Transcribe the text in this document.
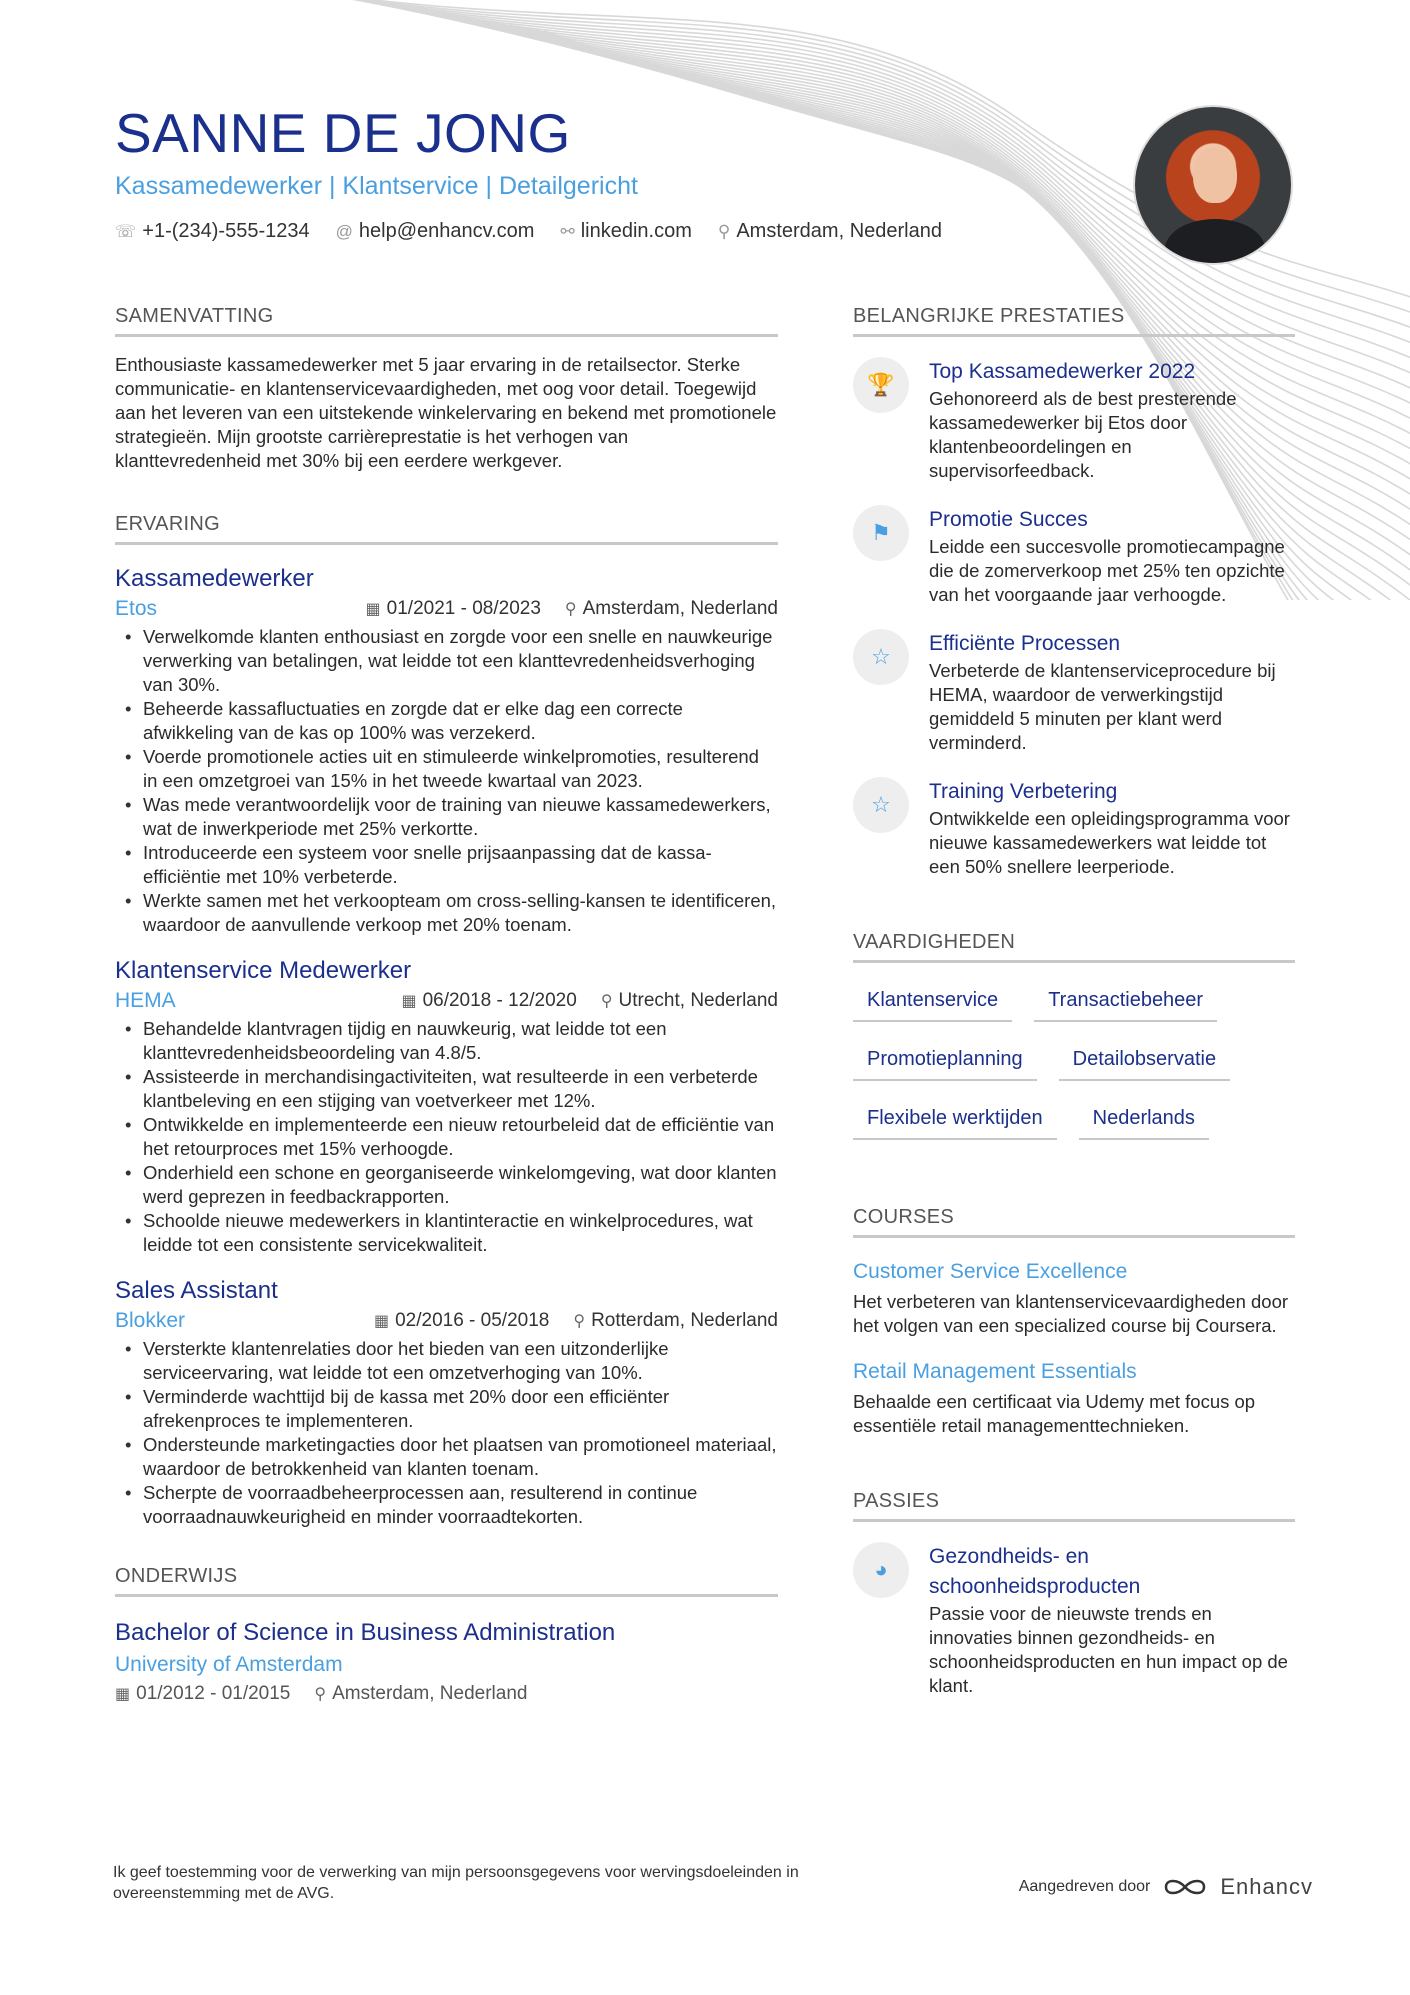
SANNE DE JONG
Kassamedewerker | Klantservice | Detailgericht
☏ +1-(234)-555-1234 @ help@enhancv.com ⚯ linkedin.com ⚲ Amsterdam, Nederland
SAMENVATTING

Enthousiaste kassamedewerker met 5 jaar ervaring in de retailsector. Sterke communicatie- en klantenservicevaardigheden, met oog voor detail. Toegewijd aan het leveren van een uitstekende winkelervaring en bekend met promotionele strategieën. Mijn grootste carrièreprestatie is het verhogen van klanttevredenheid met 30% bij een eerdere werkgever.

ERVARING
Kassamedewerker
Etos	▦ 01/2021 - 08/2023 ⚲ Amsterdam, Nederland
• Verwelkomde klanten enthousiast en zorgde voor een snelle en nauwkeurige verwerking van betalingen, wat leidde tot een klanttevredenheidsverhoging van 30%.
• Beheerde kassafluctuaties en zorgde dat er elke dag een correcte afwikkeling van de kas op 100% was verzekerd.
• Voerde promotionele acties uit en stimuleerde winkelpromoties, resulterend in een omzetgroei van 15% in het tweede kwartaal van 2023.
• Was mede verantwoordelijk voor de training van nieuwe kassamedewerkers, wat de inwerkperiode met 25% verkortte.
• Introduceerde een systeem voor snelle prijsaanpassing dat de kassa-efficiëntie met 10% verbeterde.
• Werkte samen met het verkoopteam om cross-selling-kansen te identificeren, waardoor de aanvullende verkoop met 20% toenam.
Klantenservice Medewerker
HEMA	▦ 06/2018 - 12/2020 ⚲ Utrecht, Nederland
• Behandelde klantvragen tijdig en nauwkeurig, wat leidde tot een klanttevredenheidsbeoordeling van 4.8/5.
• Assisteerde in merchandisingactiviteiten, wat resulteerde in een verbeterde klantbeleving en een stijging van voetverkeer met 12%.
• Ontwikkelde en implementeerde een nieuw retourbeleid dat de efficiëntie van het retourproces met 15% verhoogde.
• Onderhield een schone en georganiseerde winkelomgeving, wat door klanten werd geprezen in feedbackrapporten.
• Schoolde nieuwe medewerkers in klantinteractie en winkelprocedures, wat leidde tot een consistente servicekwaliteit.
Sales Assistant
Blokker	▦ 02/2016 - 05/2018 ⚲ Rotterdam, Nederland
• Versterkte klantenrelaties door het bieden van een uitzonderlijke serviceervaring, wat leidde tot een omzetverhoging van 10%.
• Verminderde wachttijd bij de kassa met 20% door een efficiënter afrekenproces te implementeren.
• Ondersteunde marketingacties door het plaatsen van promotioneel materiaal, waardoor de betrokkenheid van klanten toenam.
• Scherpte de voorraadbeheerprocessen aan, resulterend in continue voorraadnauwkeurigheid en minder voorraadtekorten.
ONDERWIJS
Bachelor of Science in Business Administration
University of Amsterdam
▦ 01/2012 - 01/2015 ⚲ Amsterdam, Nederland
BELANGRIJKE PRESTATIES
🏆
Top Kassamedewerker 2022
Gehonoreerd als de best presterende kassamedewerker bij Etos door klantenbeoordelingen en supervisorfeedback.
⚑
Promotie Succes
Leidde een succesvolle promotiecampagne die de zomerverkoop met 25% ten opzichte van het voorgaande jaar verhoogde.
☆
Efficiënte Processen
Verbeterde de klantenserviceprocedure bij HEMA, waardoor de verwerkingstijd gemiddeld 5 minuten per klant werd verminderd.
☆
Training Verbetering
Ontwikkelde een opleidingsprogramma voor nieuwe kassamedewerkers wat leidde tot een 50% snellere leerperiode.
VAARDIGHEDEN
Klantenservice	Transactiebeheer
Promotieplanning	Detailobservatie
Flexibele werktijden	Nederlands
COURSES
Customer Service Excellence
Het verbeteren van klantenservicevaardigheden door het volgen van een specialized course bij Coursera.
Retail Management Essentials
Behaalde een certificaat via Udemy met focus op essentiële retail managementtechnieken.
PASSIES
◕
Gezondheids- en schoonheidsproducten
Passie voor de nieuwste trends en innovaties binnen gezondheids- en schoonheidsproducten en hun impact op de klant.
Ik geef toestemming voor de verwerking van mijn persoonsgegevens voor wervingsdoeleinden in overeenstemming met de AVG.	Aangedreven door	Enhancv
